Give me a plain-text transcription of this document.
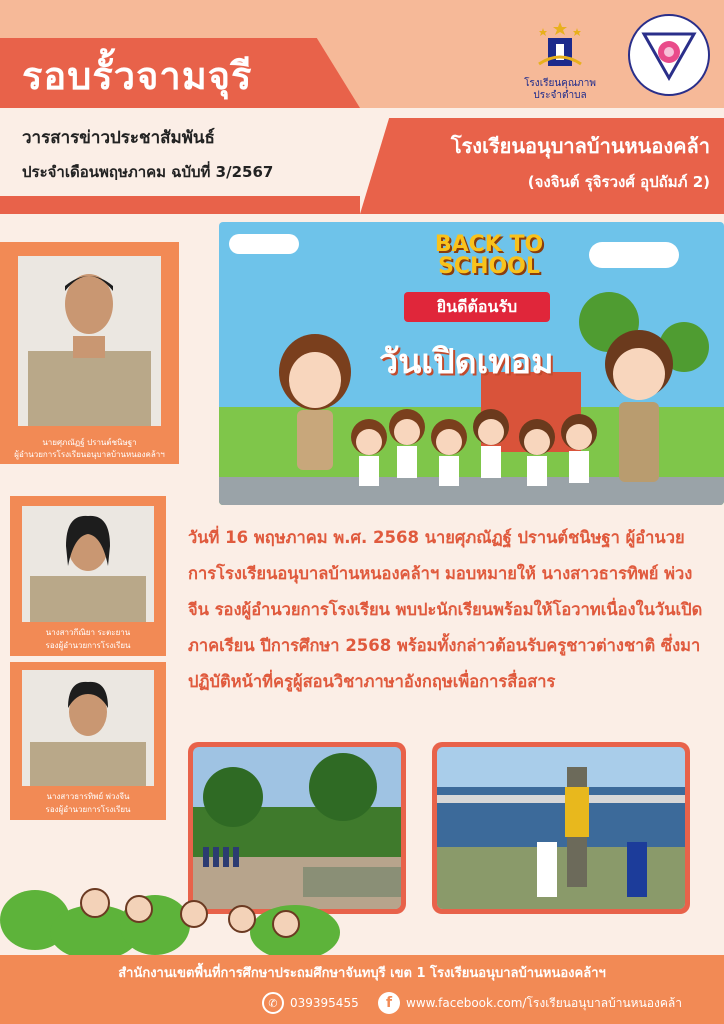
รอบรั้วจามจุรี
วารสารข่าวประชาสัมพันธ์
ประจำเดือนพฤษภาคม ฉบับที่ 3/2567
โรงเรียนอนุบาลบ้านหนองคล้า
(จงจินต์ รุจิรวงศ์ อุปถัมภ์ 2)
โรงเรียนคุณภาพ
ประจำตำบล
นายศุภณัฏฐ์ ปรานต์ชนิษฐา
ผู้อำนวยการโรงเรียนอนุบาลบ้านหนองคล้าฯ
นางสาวกีณิยา ระตะยาน
รองผู้อำนวยการโรงเรียน
นางสาวธารทิพย์ พ่วงจีน
รองผู้อำนวยการโรงเรียน
BACK TO SCHOOL
ยินดีต้อนรับ
วันเปิดเทอม
วันที่ 16 พฤษภาคม พ.ศ. 2568 นายศุภณัฏฐ์ ปรานต์ชนิษฐา ผู้อำนวยการโรงเรียนอนุบาลบ้านหนองคล้าฯ มอบหมายให้ นางสาวธารทิพย์ พ่วงจีน รองผู้อำนวยการโรงเรียน พบปะนักเรียนพร้อมให้โอวาทเนื่องในวันเปิดภาคเรียน ปีการศึกษา 2568 พร้อมทั้งกล่าวต้อนรับครูชาวต่างชาติ ซึ่งมาปฏิบัติหน้าที่ครูผู้สอนวิชาภาษาอังกฤษเพื่อการสื่อสาร
สำนักงานเขตพื้นที่การศึกษาประถมศึกษาจันทบุรี เขต 1 โรงเรียนอนุบาลบ้านหนองคล้าฯ
✆	039395455	f	www.facebook.com/โรงเรียนอนุบาลบ้านหนองคล้า
